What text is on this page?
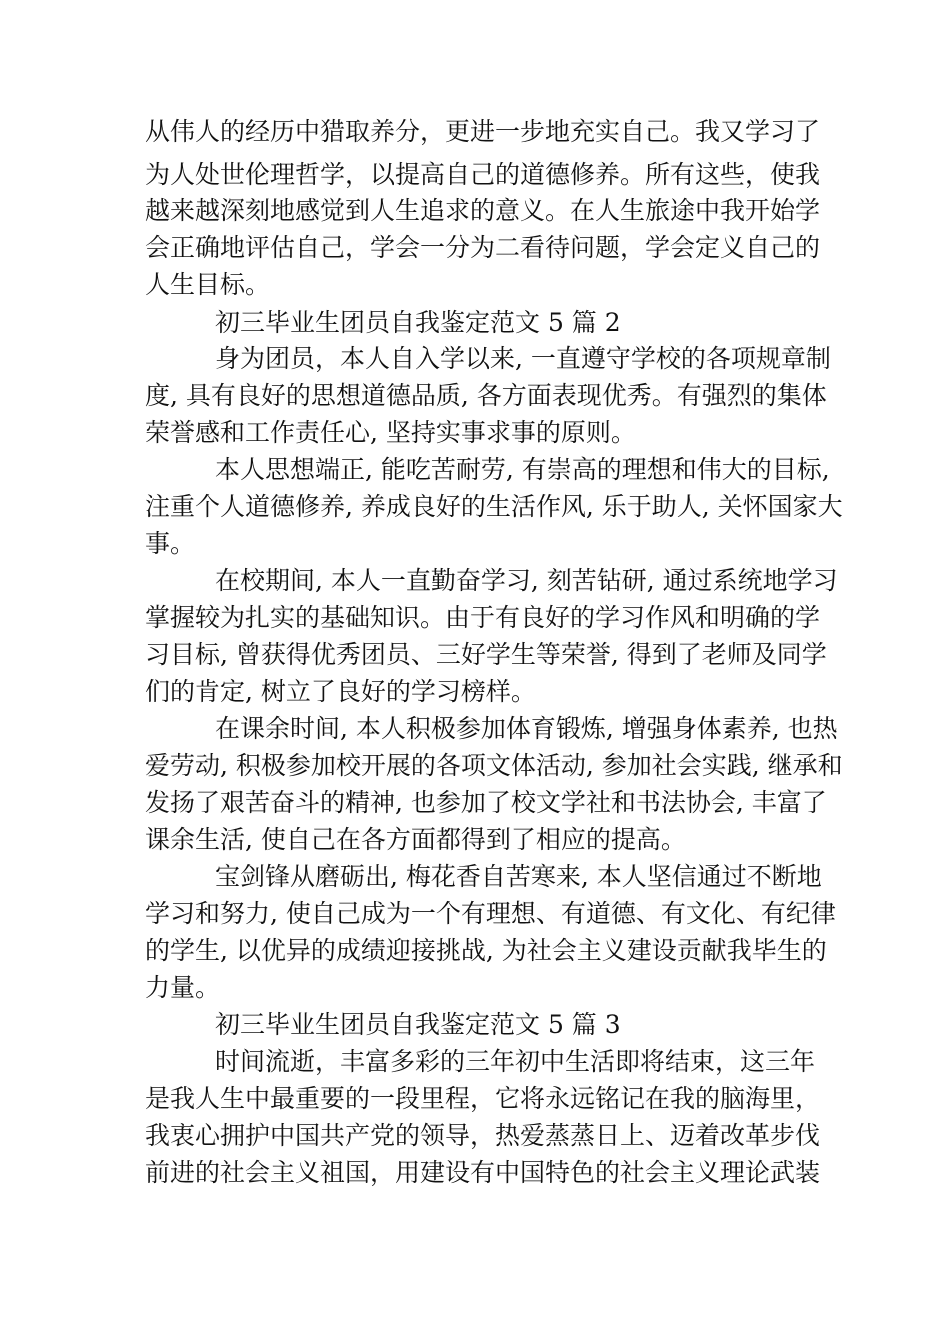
从伟人的经历中猎取养分，更进一步地充实自己。我又学习了

为人处世伦理哲学，以提高自己的道德修养。所有这些，使我

越来越深刻地感觉到人生追求的意义。在人生旅途中我开始学

会正确地评估自己，学会一分为二看待问题，学会定义自己的

人生目标。

初三毕业生团员自我鉴定范文 5 篇 2

身为团员，本人自入学以来, 一直遵守学校的各项规章制

度, 具有良好的思想道德品质, 各方面表现优秀。有强烈的集体

荣誉感和工作责任心, 坚持实事求事的原则。

本人思想端正, 能吃苦耐劳, 有崇高的理想和伟大的目标,

注重个人道德修养, 养成良好的生活作风, 乐于助人, 关怀国家大

事。

在校期间, 本人一直勤奋学习, 刻苦钻研, 通过系统地学习

掌握较为扎实的基础知识。由于有良好的学习作风和明确的学

习目标, 曾获得优秀团员、三好学生等荣誉, 得到了老师及同学

们的肯定, 树立了良好的学习榜样。

在课余时间, 本人积极参加体育锻炼, 增强身体素养, 也热

爱劳动, 积极参加校开展的各项文体活动, 参加社会实践, 继承和

发扬了艰苦奋斗的精神, 也参加了校文学社和书法协会, 丰富了

课余生活, 使自己在各方面都得到了相应的提高。

宝剑锋从磨砺出, 梅花香自苦寒来, 本人坚信通过不断地

学习和努力, 使自己成为一个有理想、有道德、有文化、有纪律

的学生, 以优异的成绩迎接挑战, 为社会主义建设贡献我毕生的

力量。

初三毕业生团员自我鉴定范文 5 篇 3

时间流逝，丰富多彩的三年初中生活即将结束，这三年

是我人生中最重要的一段里程，它将永远铭记在我的脑海里，

我衷心拥护中国共产党的领导，热爱蒸蒸日上、迈着改革步伐

前进的社会主义祖国，用建设有中国特色的社会主义理论武装
